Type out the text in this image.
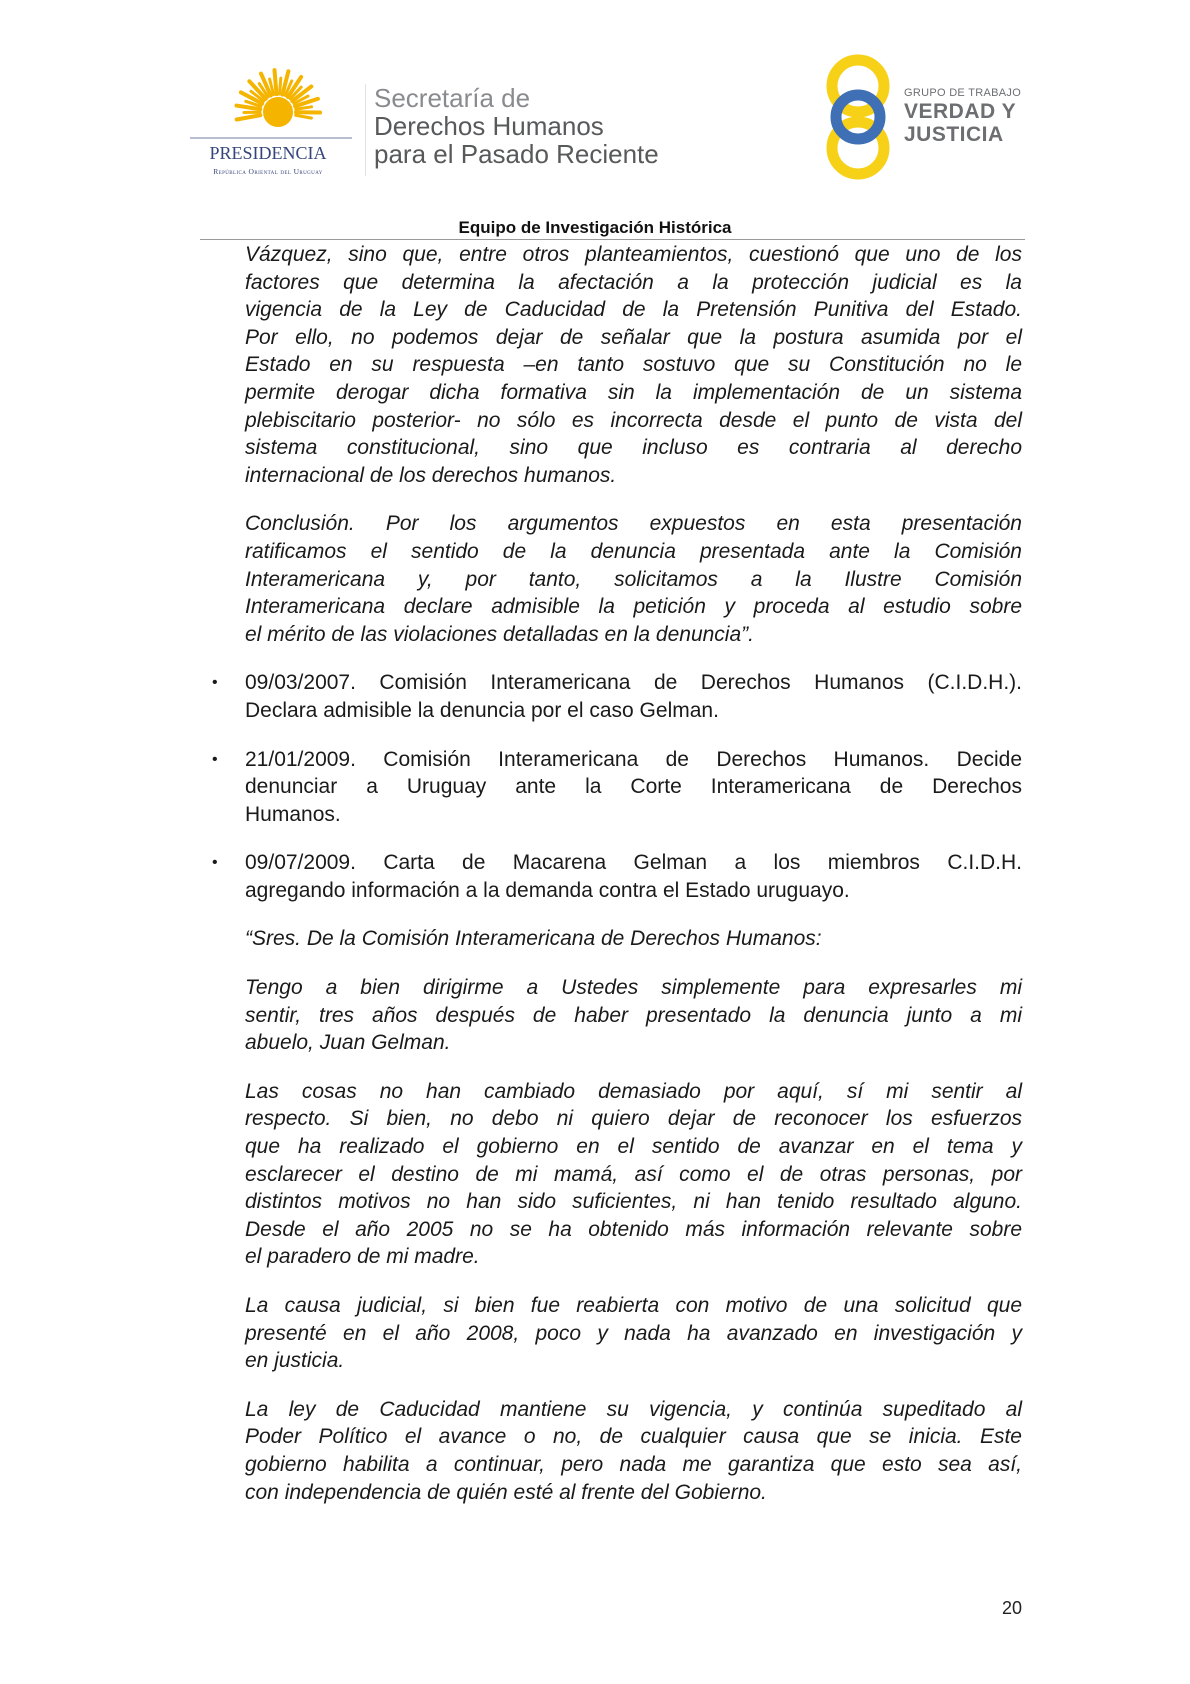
PRESIDENCIA
República Oriental del Uruguay
Secretaría de
Derechos Humanos
para el Pasado Reciente
GRUPO DE TRABAJO
VERDAD Y
JUSTICIA
Equipo de Investigación Histórica
Vázquez, sino que, entre otros planteamientos, cuestionó que uno de los
factores que determina la afectación a la protección judicial es la
vigencia de la Ley de Caducidad de la Pretensión Punitiva del Estado.
Por ello, no podemos dejar de señalar que la postura asumida por el
Estado en su respuesta –en tanto sostuvo que su Constitución no le
permite derogar dicha formativa sin la implementación de un sistema
plebiscitario posterior- no sólo es incorrecta desde el punto de vista del
sistema constitucional, sino que incluso es contraria al derecho
internacional de los derechos humanos.
Conclusión. Por los argumentos expuestos en esta presentación
ratificamos el sentido de la denuncia presentada ante la Comisión
Interamericana y, por tanto, solicitamos a la Ilustre Comisión
Interamericana declare admisible la petición y proceda al estudio sobre
el mérito de las violaciones detalladas en la denuncia”.
• 09/03/2007. Comisión Interamericana de Derechos Humanos (C.I.D.H.).
Declara admisible la denuncia por el caso Gelman.
• 21/01/2009. Comisión Interamericana de Derechos Humanos. Decide
denunciar a Uruguay ante la Corte Interamericana de Derechos
Humanos.
• 09/07/2009. Carta de Macarena Gelman a los miembros C.I.D.H.
agregando información a la demanda contra el Estado uruguayo.
“Sres. De la Comisión Interamericana de Derechos Humanos:
Tengo a bien dirigirme a Ustedes simplemente para expresarles mi
sentir, tres años después de haber presentado la denuncia junto a mi
abuelo, Juan Gelman.
Las cosas no han cambiado demasiado por aquí, sí mi sentir al
respecto. Si bien, no debo ni quiero dejar de reconocer los esfuerzos
que ha realizado el gobierno en el sentido de avanzar en el tema y
esclarecer el destino de mi mamá, así como el de otras personas, por
distintos motivos no han sido suficientes, ni han tenido resultado alguno.
Desde el año 2005 no se ha obtenido más información relevante sobre
el paradero de mi madre.
La causa judicial, si bien fue reabierta con motivo de una solicitud que
presenté en el año 2008, poco y nada ha avanzado en investigación y
en justicia.
La ley de Caducidad mantiene su vigencia, y continúa supeditado al
Poder Político el avance o no, de cualquier causa que se inicia. Este
gobierno habilita a continuar, pero nada me garantiza que esto sea así,
con independencia de quién esté al frente del Gobierno.
20
